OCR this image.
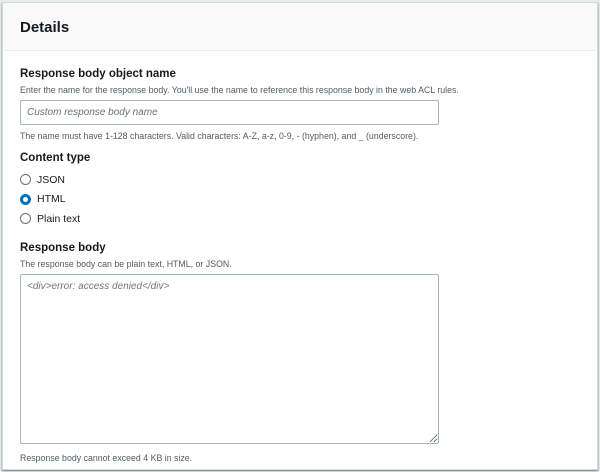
Details
Response body object name
Enter the name for the response body. You'll use the name to reference this response body in the web ACL rules.
Custom response body name
The name must have 1-128 characters. Valid characters: A-Z, a-z, 0-9, - (hyphen), and _ (underscore).
Content type
JSON
HTML
Plain text
Response body
The response body can be plain text, HTML, or JSON.
<div>error: access denied</div>
Response body cannot exceed 4 KB in size.
